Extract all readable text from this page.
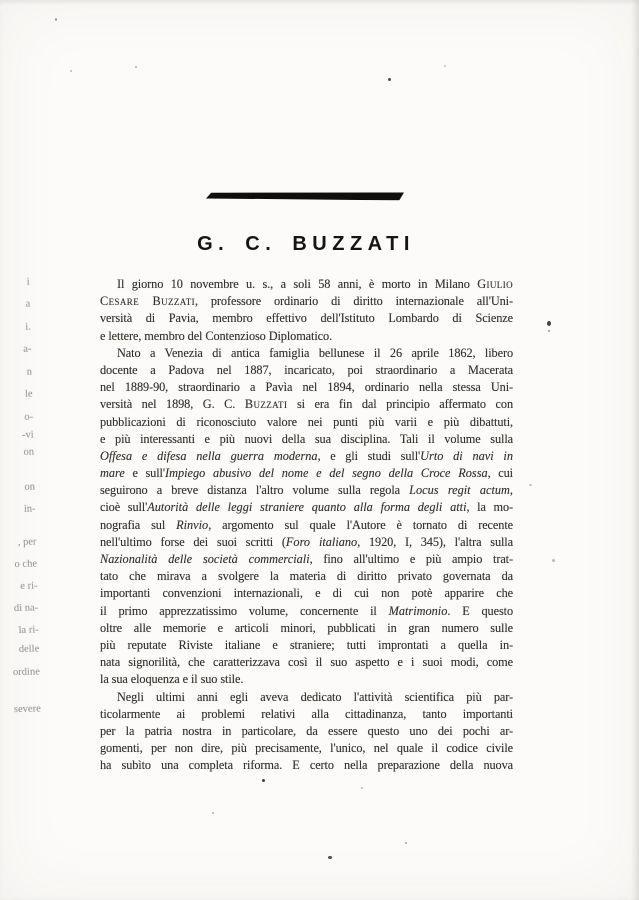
i
a
i.
a-
n
le
o-
-vi
on
on
in-
, per
o che
e ri-
di na-
la ri-
delle
ordine
severe
G. C. BUZZATI
Il giorno 10 novembre u. s., a soli 58 anni, è morto in Milano Giulio
Cesare Buzzati, professore ordinario di diritto internazionale all'Uni-
versità di Pavia, membro effettivo dell'Istituto Lombardo di Scienze
e lettere, membro del Contenzioso Diplomatico.
Nato a Venezia di antica famiglia bellunese il 26 aprile 1862, libero
docente a Padova nel 1887, incaricato, poi straordinario a Macerata
nel 1889-90, straordinario a Pavìa nel 1894, ordinario nella stessa Uni-
versità nel 1898, G. C. Buzzati si era fin dal principio affermato con
pubblicazioni di riconosciuto valore nei punti più varii e più dibattuti,
e più interessanti e più nuovi della sua disciplina. Tali il volume sulla
Offesa e difesa nella guerra moderna, e gli studi sull'Urto di navi in
mare e sull'Impiego abusivo del nome e del segno della Croce Rossa, cui
seguirono a breve distanza l'altro volume sulla regola Locus regit actum,
cioè sull'Autorità delle leggi straniere quanto alla forma degli atti, la mo-
nografia sul Rinvio, argomento sul quale l'Autore è tornato di recente
nell'ultimo forse dei suoi scritti (Foro italiano, 1920, I, 345), l'altra sulla
Nazionalità delle società commerciali, fino all'ultimo e più ampio trat-
tato che mirava a svolgere la materia di diritto privato governata da
importanti convenzioni internazionali, e di cui non potè apparire che
il primo apprezzatissimo volume, concernente il Matrimonio. E questo
oltre alle memorie e articoli minori, pubblicati in gran numero sulle
più reputate Riviste italiane e straniere; tutti improntati a quella in-
nata signorilità, che caratterizzava così il suo aspetto e i suoi modi, come
la sua eloquenza e il suo stile.
Negli ultimi anni egli aveva dedicato l'attività scientifica più par-
ticolarmente ai problemi relativi alla cittadinanza, tanto importanti
per la patria nostra in particolare, da essere questo uno dei pochi ar-
gomenti, per non dire, più precisamente, l'unico, nel quale il codice civile
ha subìto una completa riforma. E certo nella preparazione della nuova
